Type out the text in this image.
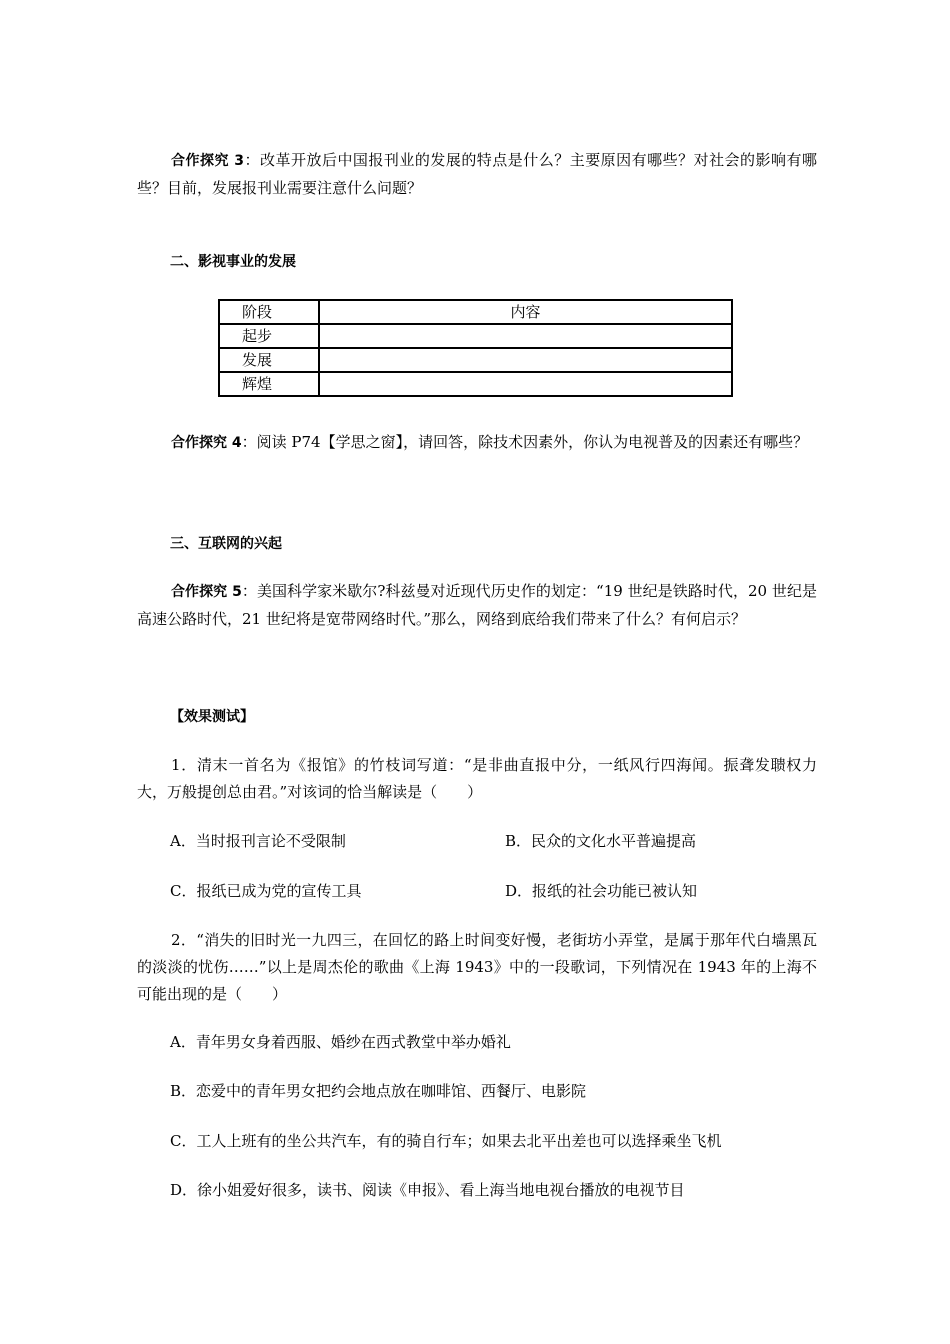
合作探究 3：改革开放后中国报刊业的发展的特点是什么？主要原因有哪些？对社会的影响有哪些？目前，发展报刊业需要注意什么问题？
二、影视事业的发展
阶段	内容
起步	
发展	
辉煌	
合作探究 4：阅读 P74【学思之窗】，请回答，除技术因素外，你认为电视普及的因素还有哪些？
三、互联网的兴起
合作探究 5：美国科学家米歇尔?科兹曼对近现代历史作的划定：“19 世纪是铁路时代，20 世纪是高速公路时代，21 世纪将是宽带网络时代。”那么，网络到底给我们带来了什么？有何启示？
【效果测试】
1．清末一首名为《报馆》的竹枝词写道：“是非曲直报中分，一纸风行四海闻。振聋发聩权力大，万般提创总由君。”对该词的恰当解读是（　　）
A．当时报刊言论不受限制	B．民众的文化水平普遍提高
C．报纸已成为党的宣传工具	D．报纸的社会功能已被认知
2．“消失的旧时光一九四三，在回忆的路上时间变好慢，老街坊小弄堂，是属于那年代白墙黑瓦的淡淡的忧伤……”以上是周杰伦的歌曲《上海 1943》中的一段歌词，下列情况在 1943 年的上海不可能出现的是（　　）
A．青年男女身着西服、婚纱在西式教堂中举办婚礼
B．恋爱中的青年男女把约会地点放在咖啡馆、西餐厅、电影院
C．工人上班有的坐公共汽车，有的骑自行车；如果去北平出差也可以选择乘坐飞机
D．徐小姐爱好很多，读书、阅读《申报》、看上海当地电视台播放的电视节目
